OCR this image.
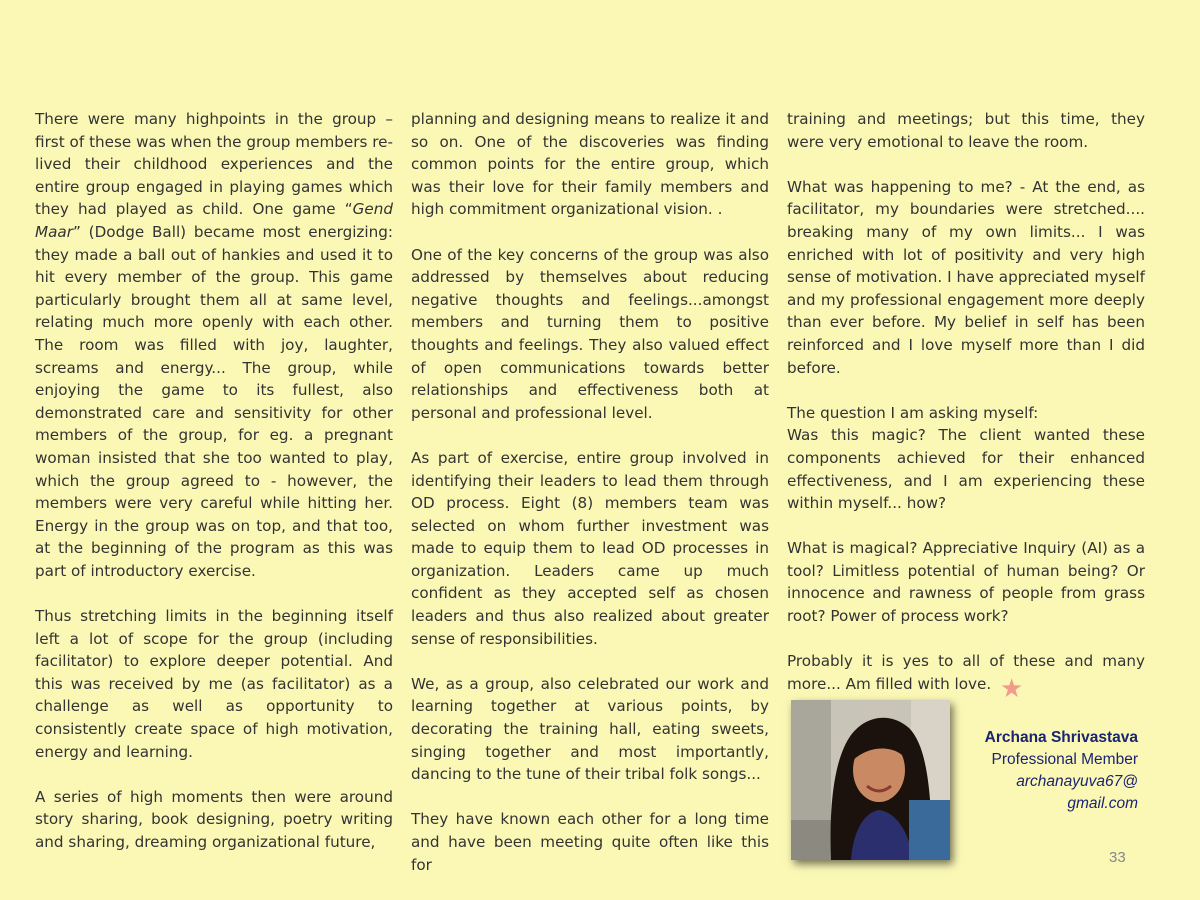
There were many highpoints in the group – first of these was when the group members re-lived their childhood experiences and the entire group engaged in playing games which they had played as child. One game “Gend Maar” (Dodge Ball) became most energizing: they made a ball out of hankies and used it to hit every member of the group. This game particularly brought them all at same level, relating much more openly with each other. The room was filled with joy, laughter, screams and energy... The group, while enjoying the game to its fullest, also demonstrated care and sensitivity for other members of the group, for eg. a pregnant woman insisted that she too wanted to play, which the group agreed to - however, the members were very careful while hitting her. Energy in the group was on top, and that too, at the beginning of the program as this was part of introductory exercise.

Thus stretching limits in the beginning itself left a lot of scope for the group (including facilitator) to explore deeper potential. And this was received by me (as facilitator) as a challenge as well as opportunity to consistently create space of high motivation, energy and learning.

A series of high moments then were around story sharing, book designing, poetry writing and sharing, dreaming organizational future,

planning and designing means to realize it and so on. One of the discoveries was finding common points for the entire group, which was their love for their family members and high commitment organizational vision. .

One of the key concerns of the group was also addressed by themselves about reducing negative thoughts and feelings...amongst members and turning them to positive thoughts and feelings. They also valued effect of open communications towards better relationships and effectiveness both at personal and professional level.

As part of exercise, entire group involved in identifying their leaders to lead them through OD process. Eight (8) members team was selected on whom further investment was made to equip them to lead OD processes in organization. Leaders came up much confident as they accepted self as chosen leaders and thus also realized about greater sense of responsibilities.

We, as a group, also celebrated our work and learning together at various points, by decorating the training hall, eating sweets, singing together and most importantly, dancing to the tune of their tribal folk songs...

They have known each other for a long time and have been meeting quite often like this for

training and meetings; but this time, they were very emotional to leave the room.

What was happening to me? - At the end, as facilitator, my boundaries were stretched.... breaking many of my own limits... I was enriched with lot of positivity and very high sense of motivation. I have appreciated myself and my professional engagement more deeply than ever before. My belief in self has been reinforced and I love myself more than I did before.

The question I am asking myself:
Was this magic? The client wanted these components achieved for their enhanced effectiveness, and I am experiencing these within myself... how?

What is magical? Appreciative Inquiry (AI) as a tool? Limitless potential of human being? Or innocence and rawness of people from grass root? Power of process work?

Probably it is yes to all of these and many more... Am filled with love. ★
Archana Shrivastava
Professional Member
archanayuva67@
gmail.com
33
